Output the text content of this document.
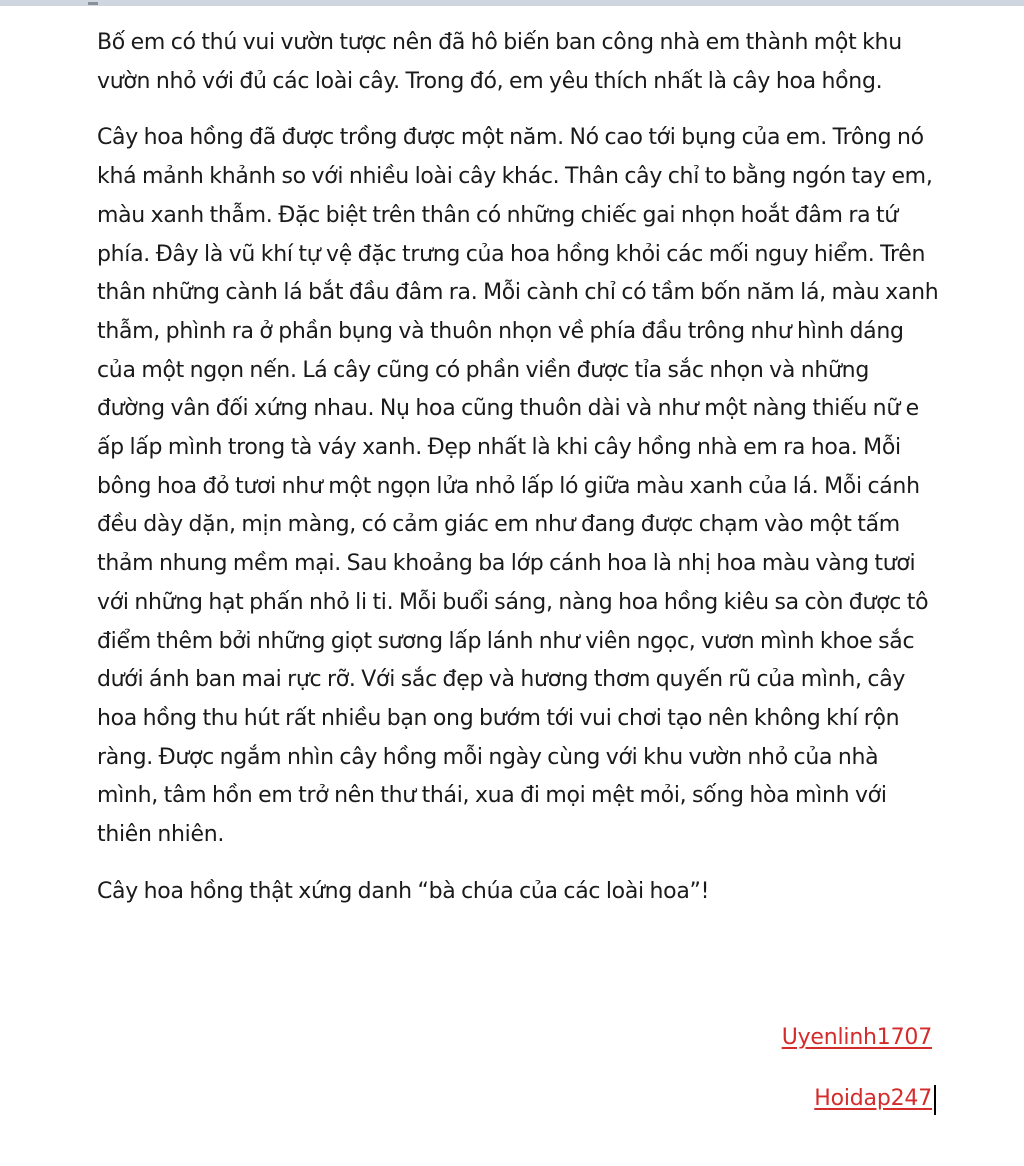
Bố em có thú vui vườn tược nên đã hô biến ban công nhà em thành một khu vườn nhỏ với đủ các loài cây. Trong đó, em yêu thích nhất là cây hoa hồng.

Cây hoa hồng đã được trồng được một năm. Nó cao tới bụng của em. Trông nó khá mảnh khảnh so với nhiều loài cây khác. Thân cây chỉ to bằng ngón tay em, màu xanh thẫm. Đặc biệt trên thân có những chiếc gai nhọn hoắt đâm ra tứ phía. Đây là vũ khí tự vệ đặc trưng của hoa hồng khỏi các mối nguy hiểm. Trên thân những cành lá bắt đầu đâm ra. Mỗi cành chỉ có tầm bốn năm lá, màu xanh thẫm, phình ra ở phần bụng và thuôn nhọn về phía đầu trông như hình dáng của một ngọn nến. Lá cây cũng có phần viền được tỉa sắc nhọn và những đường vân đối xứng nhau. Nụ hoa cũng thuôn dài và như một nàng thiếu nữ e ấp lấp mình trong tà váy xanh. Đẹp nhất là khi cây hồng nhà em ra hoa. Mỗi bông hoa đỏ tươi như một ngọn lửa nhỏ lấp ló giữa màu xanh của lá. Mỗi cánh đều dày dặn, mịn màng, có cảm giác em như đang được chạm vào một tấm thảm nhung mềm mại. Sau khoảng ba lớp cánh hoa là nhị hoa màu vàng tươi với những hạt phấn nhỏ li ti. Mỗi buổi sáng, nàng hoa hồng kiêu sa còn được tô điểm thêm bởi những giọt sương lấp lánh như viên ngọc, vươn mình khoe sắc dưới ánh ban mai rực rỡ. Với sắc đẹp và hương thơm quyến rũ của mình, cây hoa hồng thu hút rất nhiều bạn ong bướm tới vui chơi tạo nên không khí rộn ràng. Được ngắm nhìn cây hồng mỗi ngày cùng với khu vườn nhỏ của nhà mình, tâm hồn em trở nên thư thái, xua đi mọi mệt mỏi, sống hòa mình với thiên nhiên.

Cây hoa hồng thật xứng danh “bà chúa của các loài hoa”!

Uyenlinh1707
Hoidap247
